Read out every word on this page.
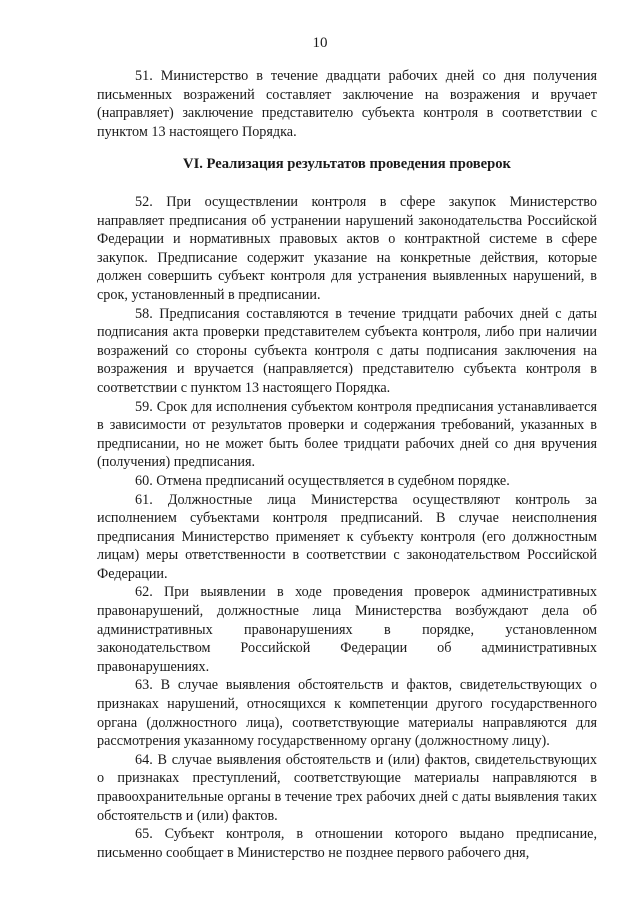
10

51. Министерство в течение двадцати рабочих дней со дня получения письменных возражений составляет заключение на возражения и вручает (направляет) заключение представителю субъекта контроля в соответствии с пунктом 13 настоящего Порядка.

VI. Реализация результатов проведения проверок

52. При осуществлении контроля в сфере закупок Министерство направляет предписания об устранении нарушений законодательства Российской Федерации и нормативных правовых актов о контрактной системе в сфере закупок. Предписание содержит указание на конкретные действия, которые должен совершить субъект контроля для устранения выявленных нарушений, в срок, установленный в предписании.

58. Предписания составляются в течение тридцати рабочих дней с даты подписания акта проверки представителем субъекта контроля, либо при наличии возражений со стороны субъекта контроля с даты подписания заключения на возражения и вручается (направляется) представителю субъекта контроля в соответствии с пунктом 13 настоящего Порядка.

59. Срок для исполнения субъектом контроля предписания устанавливается в зависимости от результатов проверки и содержания требований, указанных в предписании, но не может быть более тридцати рабочих дней со дня вручения (получения) предписания.

60. Отмена предписаний осуществляется в судебном порядке.

61. Должностные лица Министерства осуществляют контроль за исполнением субъектами контроля предписаний. В случае неисполнения предписания Министерство применяет к субъекту контроля (его должностным лицам) меры ответственности в соответствии с законодательством Российской Федерации.

62. При выявлении в ходе проведения проверок административных правонарушений, должностные лица Министерства возбуждают дела об административных правонарушениях в порядке, установленном законодательством Российской Федерации об административных правонарушениях.

63. В случае выявления обстоятельств и фактов, свидетельствующих о признаках нарушений, относящихся к компетенции другого государственного органа (должностного лица), соответствующие материалы направляются для рассмотрения указанному государственному органу (должностному лицу).

64. В случае выявления обстоятельств и (или) фактов, свидетельствующих о признаках преступлений, соответствующие материалы направляются в правоохранительные органы в течение трех рабочих дней с даты выявления таких обстоятельств и (или) фактов.

65. Субъект контроля, в отношении которого выдано предписание, письменно сообщает в Министерство не позднее первого рабочего дня,
